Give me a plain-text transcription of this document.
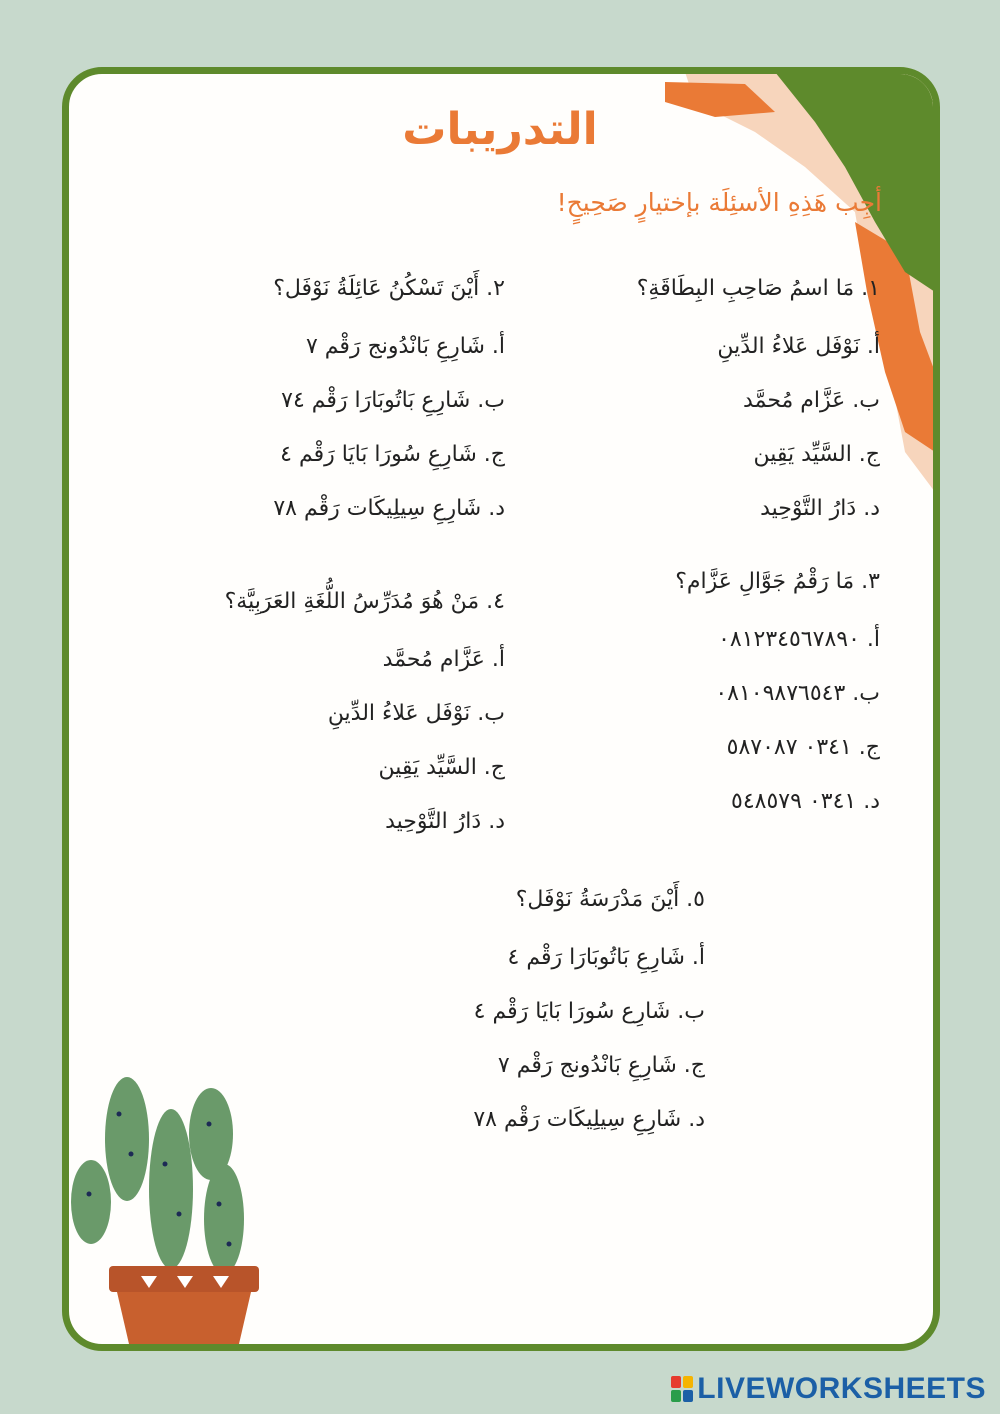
التدريبات
أجِب هَذِهِ الأسئِلَة بإختيارٍ صَحِيحٍ!
١. مَا اسمُ صَاحِبِ البِطَاقَةِ؟
أ. نَوْفَل عَلاءُ الدِّينِ
ب. عَزَّام مُحمَّد
ج. السَّيِّد يَقِين
د. دَارُ التَّوْحِيد
٢. أَيْنَ تَسْكُنُ عَائِلَةُ نَوْفَل؟
أ. شَارِعِ بَانْدُونج رَقْم ٧
ب. شَارِعِ بَاتُوبَارَا رَقْم ٧٤
ج. شَارِعِ سُورَا بَايَا رَقْم ٤
د. شَارِعِ سِيلِيكَات رَقْم ٧٨
٣. مَا رَقْمُ جَوَّالِ عَزَّام؟
أ. ٠٨١٢٣٤٥٦٧٨٩٠
ب. ٠٨١٠٩٨٧٦٥٤٣
ج. ٠٣٤١ ٥٨٧٠٨٧
د. ٠٣٤١ ٥٤٨٥٧٩
٤. مَنْ هُوَ مُدَرِّسُ اللُّغَةِ العَرَبِيَّة؟
أ. عَزَّام مُحمَّد
ب. نَوْفَل عَلاءُ الدِّينِ
ج. السَّيِّد يَقِين
د. دَارُ التَّوْحِيد
٥. أَيْنَ مَدْرَسَةُ نَوْفَل؟
أ. شَارِعِ بَاتُوبَارَا رَقْم ٤
ب. شَارِع سُورَا بَايَا رَقْم ٤
ج. شَارِعِ بَانْدُونج رَقْم ٧
د. شَارِعِ سِيلِيكَات رَقْم ٧٨
LIVEWORKSHEETS
